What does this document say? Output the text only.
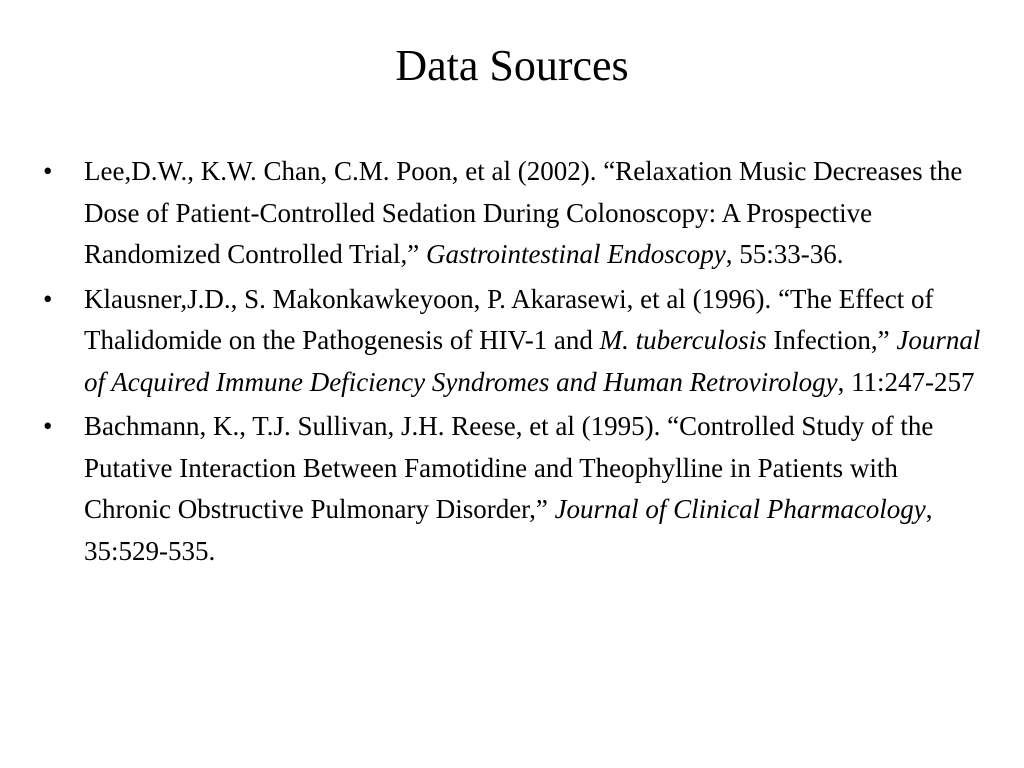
Data Sources
• Lee,D.W., K.W. Chan, C.M. Poon, et al (2002). “Relaxation Music Decreases the Dose of Patient-Controlled Sedation During Colonoscopy: A Prospective Randomized Controlled Trial,” Gastrointestinal Endoscopy, 55:33-36.
• Klausner,J.D., S. Makonkawkeyoon, P. Akarasewi, et al (1996). “The Effect of Thalidomide on the Pathogenesis of HIV-1 and M. tuberculosis Infection,” Journal of Acquired Immune Deficiency Syndromes and Human Retrovirology, 11:247-257
• Bachmann, K., T.J. Sullivan, J.H. Reese, et al (1995). “Controlled Study of the Putative Interaction Between Famotidine and Theophylline in Patients with Chronic Obstructive Pulmonary Disorder,” Journal of Clinical Pharmacology, 35:529-535.
